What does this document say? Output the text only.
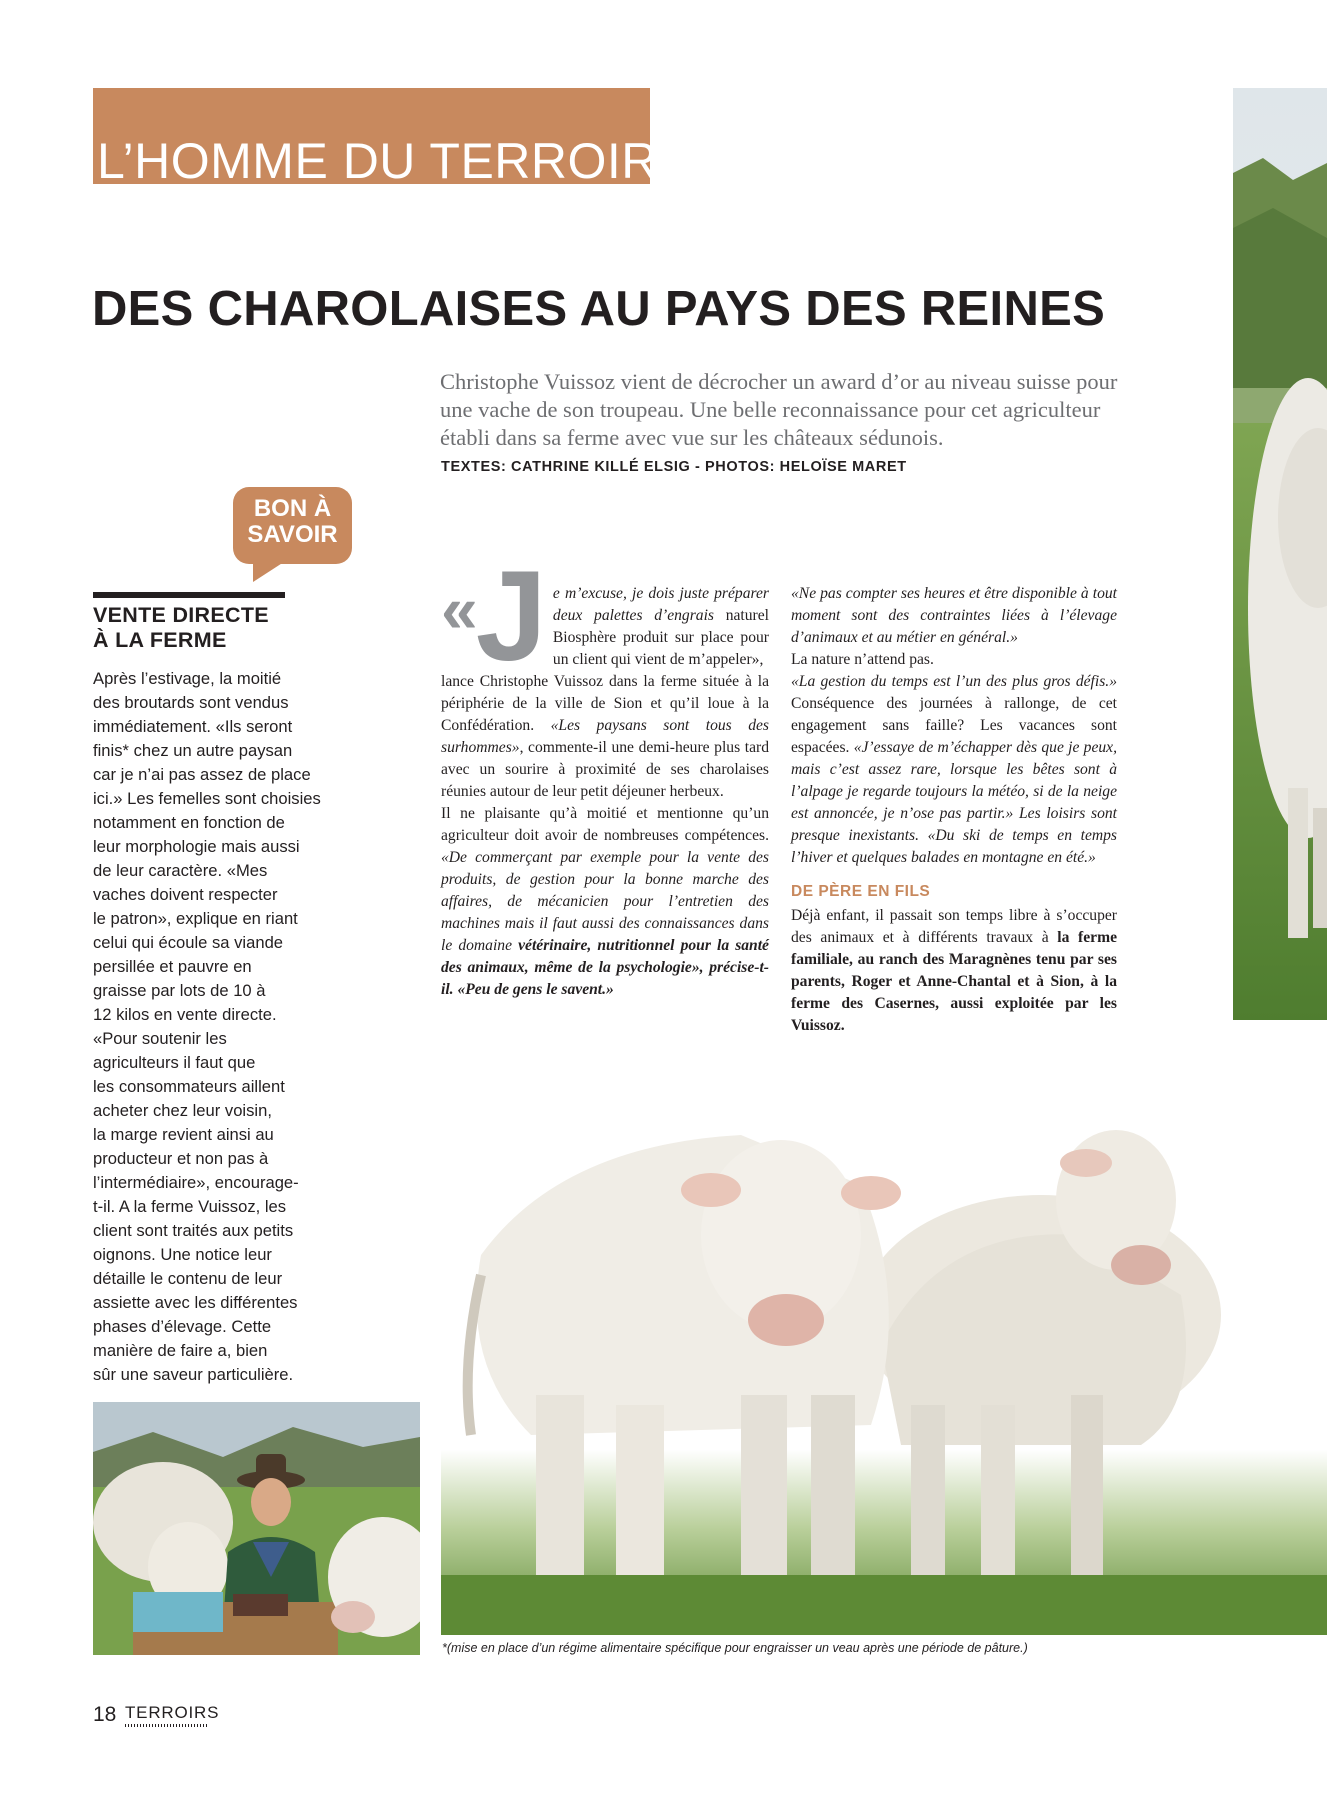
L’HOMME DU TERROIR
DES CHAROLAISES AU PAYS DES REINES
Christophe Vuissoz vient de décrocher un award d’or au niveau suisse pour une vache de son troupeau. Une belle reconnaissance pour cet agriculteur établi dans sa ferme avec vue sur les châteaux sédunois.
TEXTES: CATHRINE KILLÉ ELSIG - PHOTOS: HELOÏSE MARET
BON À
SAVOIR
VENTE DIRECTE
À LA FERME
Après l’estivage, la moitié
des broutards sont vendus
immédiatement. «Ils seront
finis* chez un autre paysan
car je n’ai pas assez de place
ici.» Les femelles sont choisies
notamment en fonction de
leur morphologie mais aussi
de leur caractère. «Mes
vaches doivent respecter
le patron», explique en riant
celui qui écoule sa viande
persillée et pauvre en
graisse par lots de 10 à
12 kilos en vente directe.
«Pour soutenir les
agriculteurs il faut que
les consommateurs aillent
acheter chez leur voisin,
la marge revient ainsi au
producteur et non pas à
l’intermédiaire», encourage-
t-il. A la ferme Vuissoz, les
client sont traités aux petits
oignons. Une notice leur
détaille le contenu de leur
assiette avec les différentes
phases d’élevage. Cette
manière de faire a, bien
sûr une saveur particulière.

«J e m’excuse, je dois juste préparer deux palettes d’engrais naturel Biosphère produit sur place pour un client qui vient de m’appeler»,

lance Christophe Vuissoz dans la ferme située à la périphérie de la ville de Sion et qu’il loue à la Confédération. «Les paysans sont tous des surhommes», commente-il une demi-heure plus tard avec un sourire à proximité de ses charolaises réunies autour de leur petit déjeuner herbeux.

Il ne plaisante qu’à moitié et mentionne qu’un agriculteur doit avoir de nombreuses compétences. «De commerçant par exemple pour la vente des produits, de gestion pour la bonne marche des affaires, de mécanicien pour l’entretien des machines mais il faut aussi des connaissances dans le domaine vétérinaire, nutritionnel pour la santé des animaux, même de la psychologie», précise-t-il. «Peu de gens le savent.»

«Ne pas compter ses heures et être disponible à tout moment sont des contraintes liées à l’élevage d’animaux et au métier en général.»

La nature n’attend pas.

«La gestion du temps est l’un des plus gros défis.» Conséquence des journées à rallonge, de cet engagement sans faille? Les vacances sont espacées. «J’essaye de m’échapper dès que je peux, mais c’est assez rare, lorsque les bêtes sont à l’alpage je regarde toujours la météo, si de la neige est annoncée, je n’ose pas partir.» Les loisirs sont presque inexistants. «Du ski de temps en temps l’hiver et quelques balades en montagne en été.»

DE PÈRE EN FILS

Déjà enfant, il passait son temps libre à s’occuper des animaux et à différents travaux à la ferme familiale, au ranch des Maragnènes tenu par ses parents, Roger et Anne-Chantal et à Sion, à la ferme des Casernes, aussi exploitée par les Vuissoz.

*(mise en place d’un régime alimentaire spécifique pour engraisser un veau après une période de pâture.)
18 TERROIRS
